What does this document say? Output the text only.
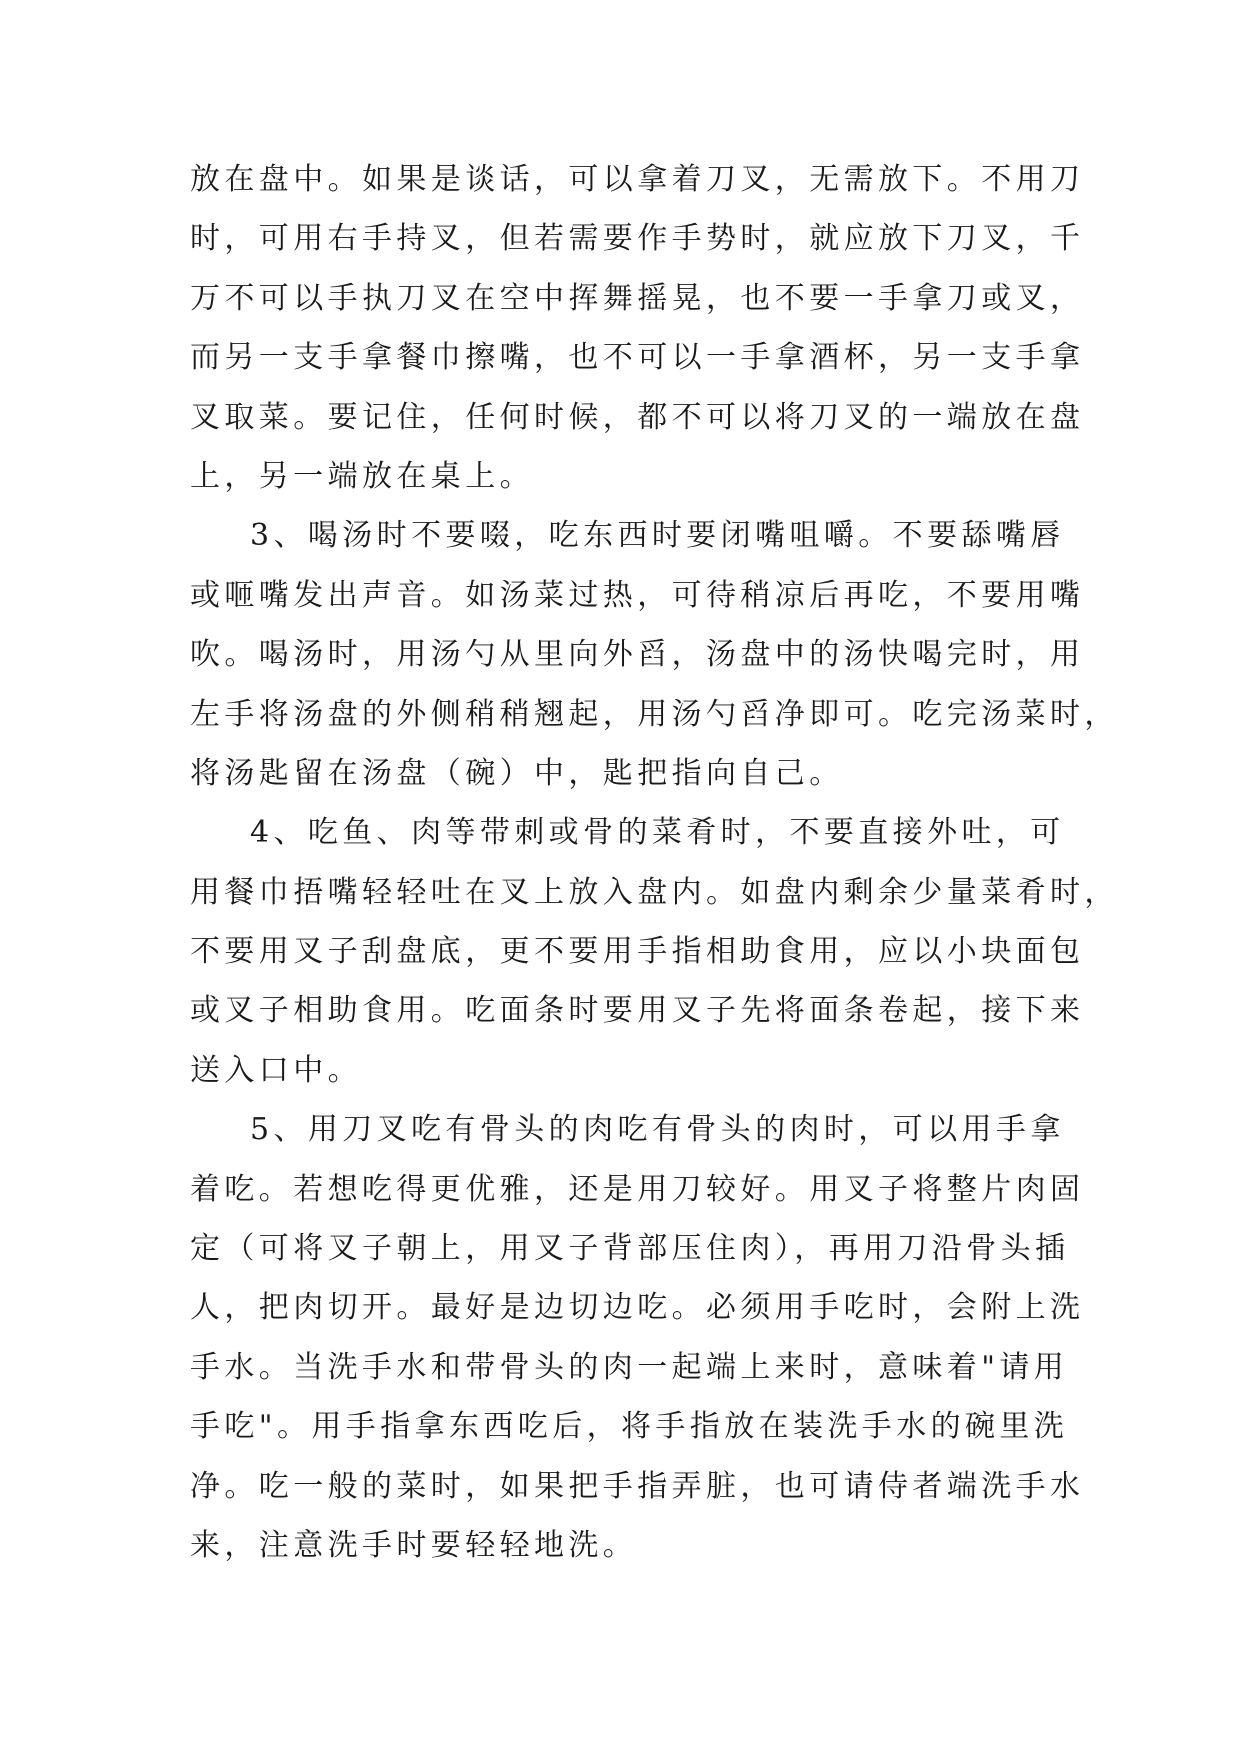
放在盘中。如果是谈话，可以拿着刀叉，无需放下。不用刀
时，可用右手持叉，但若需要作手势时，就应放下刀叉，千
万不可以手执刀叉在空中挥舞摇晃，也不要一手拿刀或叉，
而另一支手拿餐巾擦嘴，也不可以一手拿酒杯，另一支手拿
叉取菜。要记住，任何时候，都不可以将刀叉的一端放在盘
上，另一端放在桌上。
3、喝汤时不要啜，吃东西时要闭嘴咀嚼。不要舔嘴唇
或咂嘴发出声音。如汤菜过热，可待稍凉后再吃，不要用嘴
吹。喝汤时，用汤勺从里向外舀，汤盘中的汤快喝完时，用
左手将汤盘的外侧稍稍翘起，用汤勺舀净即可。吃完汤菜时，
将汤匙留在汤盘（碗）中，匙把指向自己。
4、吃鱼、肉等带刺或骨的菜肴时，不要直接外吐，可
用餐巾捂嘴轻轻吐在叉上放入盘内。如盘内剩余少量菜肴时，
不要用叉子刮盘底，更不要用手指相助食用，应以小块面包
或叉子相助食用。吃面条时要用叉子先将面条卷起，接下来
送入口中。
5、用刀叉吃有骨头的肉吃有骨头的肉时，可以用手拿
着吃。若想吃得更优雅，还是用刀较好。用叉子将整片肉固
定（可将叉子朝上，用叉子背部压住肉），再用刀沿骨头插
人，把肉切开。最好是边切边吃。必须用手吃时，会附上洗
手水。当洗手水和带骨头的肉一起端上来时，意味着"请用
手吃"。用手指拿东西吃后，将手指放在装洗手水的碗里洗
净。吃一般的菜时，如果把手指弄脏，也可请侍者端洗手水
来，注意洗手时要轻轻地洗。
